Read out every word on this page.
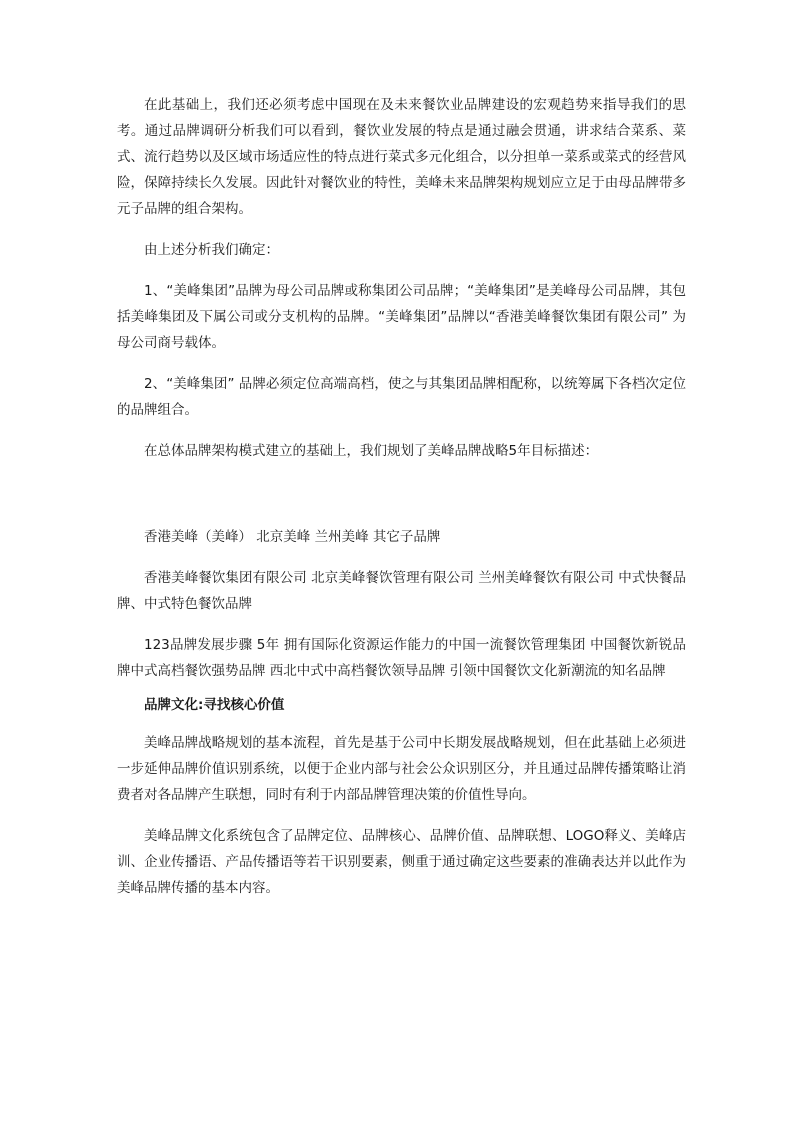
在此基础上，我们还必须考虑中国现在及未来餐饮业品牌建设的宏观趋势来指导我们的思考。通过品牌调研分析我们可以看到，餐饮业发展的特点是通过融会贯通，讲求结合菜系、菜式、流行趋势以及区域市场适应性的特点进行菜式多元化组合，以分担单一菜系或菜式的经营风险，保障持续长久发展。因此针对餐饮业的特性，美峰未来品牌架构规划应立足于由母品牌带多元子品牌的组合架构。

由上述分析我们确定：

1、“美峰集团”品牌为母公司品牌或称集团公司品牌；“美峰集团”是美峰母公司品牌，其包括美峰集团及下属公司或分支机构的品牌。“美峰集团”品牌以“香港美峰餐饮集团有限公司” 为母公司商号载体。

2、“美峰集团” 品牌必须定位高端高档，使之与其集团品牌相配称，以统筹属下各档次定位的品牌组合。

在总体品牌架构模式建立的基础上，我们规划了美峰品牌战略5年目标描述：

香港美峰（美峰） 北京美峰 兰州美峰 其它子品牌

香港美峰餐饮集团有限公司 北京美峰餐饮管理有限公司 兰州美峰餐饮有限公司 中式快餐品牌、中式特色餐饮品牌

123品牌发展步骤 5年 拥有国际化资源运作能力的中国一流餐饮管理集团 中国餐饮新锐品牌中式高档餐饮强势品牌 西北中式中高档餐饮领导品牌 引领中国餐饮文化新潮流的知名品牌

品牌文化:寻找核心价值

美峰品牌战略规划的基本流程，首先是基于公司中长期发展战略规划，但在此基础上必须进一步延伸品牌价值识别系统，以便于企业内部与社会公众识别区分，并且通过品牌传播策略让消费者对各品牌产生联想，同时有利于内部品牌管理决策的价值性导向。

美峰品牌文化系统包含了品牌定位、品牌核心、品牌价值、品牌联想、LOGO释义、美峰店训、企业传播语、产品传播语等若干识别要素，侧重于通过确定这些要素的准确表达并以此作为美峰品牌传播的基本内容。
